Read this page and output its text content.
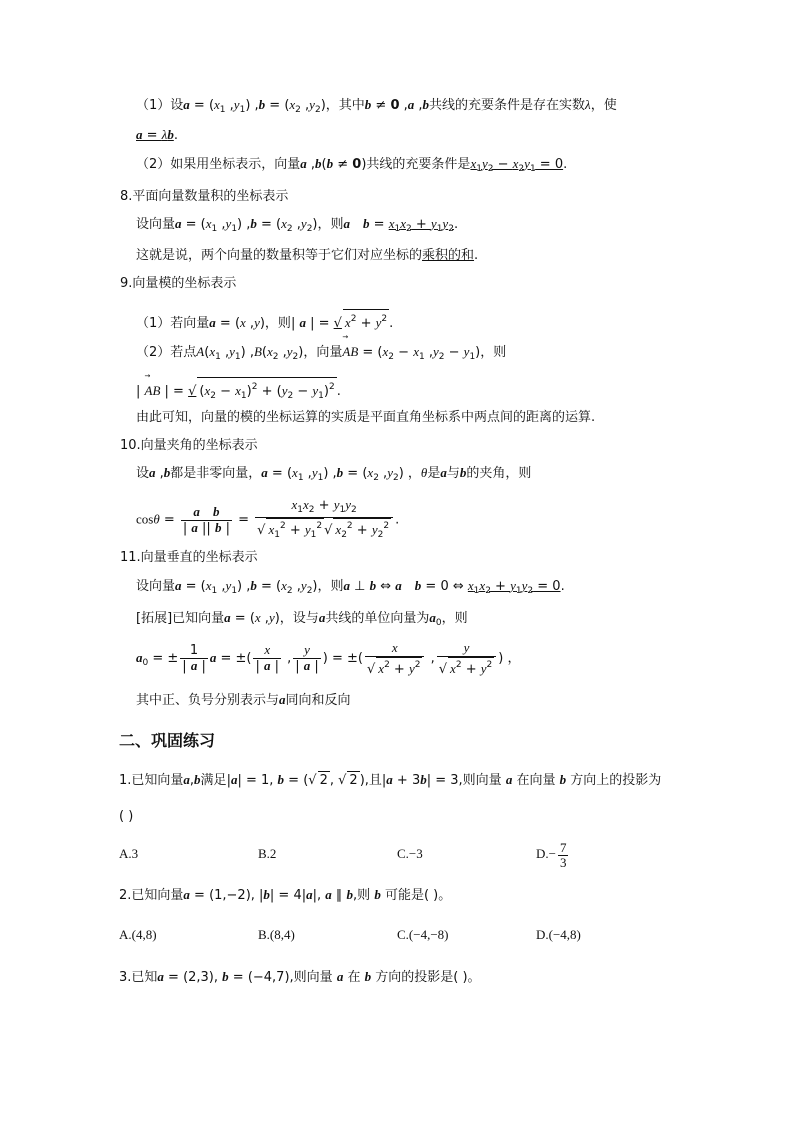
（1）设$a = (x_1$ $,y_1$) $,b = (x_2$ $,y_2$)，其中b ≠ 0 ,a ,b共线的充要条件是存在实数λ，使
a = λb.
（2）如果用坐标表示，向量a ,b(b ≠ 0)共线的充要条件是$x_1y_2 - x_2y_1 = 0$.
8.平面向量数量积的坐标表示
设向量$a = (x_1$ $,y_1$) $,b = (x_2$ $,y_2$)，则a　 $b = x_1x_2 + y_1y_2$.
这就是说，两个向量的数量积等于它们对应坐标的乘积的和.
9.向量模的坐标表示
（1）若向量a = (x ,y)，则| a | = √ $x^2 + y^2$ .
（2）若点$A(x_1$ $,y_1$) $,B(x_2$ $,y_2$)，向量
→
AB = ($x_2 - x_1$ $,y_2 - y_1$)，则
|
→
AB | = √ $(x_2 - x_1)^2 + (y_2 - y_1)^2$ .
由此可知，向量的模的坐标运算的实质是平面直角坐标系中两点间的距离的运算.
10.向量夹角的坐标表示
设a ,b都是非零向量，$a = (x_1$ $,y_1$) $,b = (x_2$ $,y_2$) ，θ是a与b的夹角，则
$\cos\theta = \frac{\text{a　 b}}{| a || b |} = \frac{x_1x_2 + y_1y_2}{√ x_1^2 + y_1^2 √ x_2^2 + y_2^2}$ .
11.向量垂直的坐标表示
设向量$a = (x_1$ $,y_1$) $,b = (x_2$ $,y_2$)，则a ⊥ b ⇔ a　 b = 0 ⇔ $x_1x_2 + y_1y_2 = 0$.
[拓展]已知向量a = (x ,y)，设与a共线的单位向量为$a_0$，则
$a_0$ = ± $\frac{1}{| a |}$ a = ±( $\frac{x}{| a |}$ , $\frac{y}{| a |}$ ) = ±( $\frac{x}{√ x^2 + y^2}$ , $\frac{y}{√ x^2 + y^2}$ ) ，
其中正、负号分别表示与a同向和反向
二、巩固练习
1.已知向量a,b满足|a| = 1, b = (√ 2 , √ 2 ),且|a + 3b| = 3,则向量 a 在向量 b 方向上的投影为
( )
A.3	B.2	C.−3	$D.- \frac{7}{3}$
2.已知向量a = (1,−2), |b| = 4|a|, a ∥ b,则 b 可能是( )。
A.(4,8)	B.(8,4)	C.(−4,−8)	D.(−4,8)
3.已知a = (2,3), b = (−4,7),则向量 a 在 b 方向的投影是( )。
